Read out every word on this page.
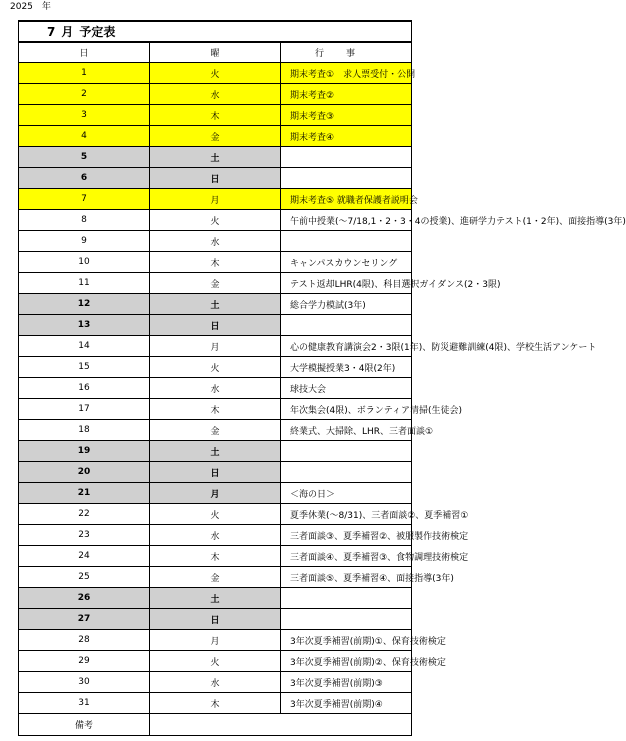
2025　年
7 月 予定表		
日	曜	行事
1	火	期末考査①　求人票受付・公開
2	水	期末考査②
3	木	期末考査③
4	金	期末考査④
5	土	
6	日	
7	月	期末考査⑤ 就職者保護者説明会
8	火	午前中授業(～7/18,1・2・3・4の授業)、進研学力テスト(1・2年)、面接指導(3年)
9	水	
10	木	キャンパスカウンセリング
11	金	テスト返却LHR(4限)、科目選択ガイダンス(2・3限)
12	土	総合学力模試(3年)
13	日	
14	月	心の健康教育講演会2・3限(1年)、防災避難訓練(4限)、学校生活アンケート
15	火	大学模擬授業3・4限(2年)
16	水	球技大会
17	木	年次集会(4限)、ボランティア清掃(生徒会)
18	金	終業式、大掃除、LHR、三者面談①
19	土	
20	日	
21	月	＜海の日＞
22	火	夏季休業(～8/31)、三者面談②、夏季補習①
23	水	三者面談③、夏季補習②、被服製作技術検定
24	木	三者面談④、夏季補習③、食物調理技術検定
25	金	三者面談⑤、夏季補習④、面接指導(3年)
26	土	
27	日	
28	月	3年次夏季補習(前期)①、保育技術検定
29	火	3年次夏季補習(前期)②、保育技術検定
30	水	3年次夏季補習(前期)③
31	木	3年次夏季補習(前期)④
備考		
